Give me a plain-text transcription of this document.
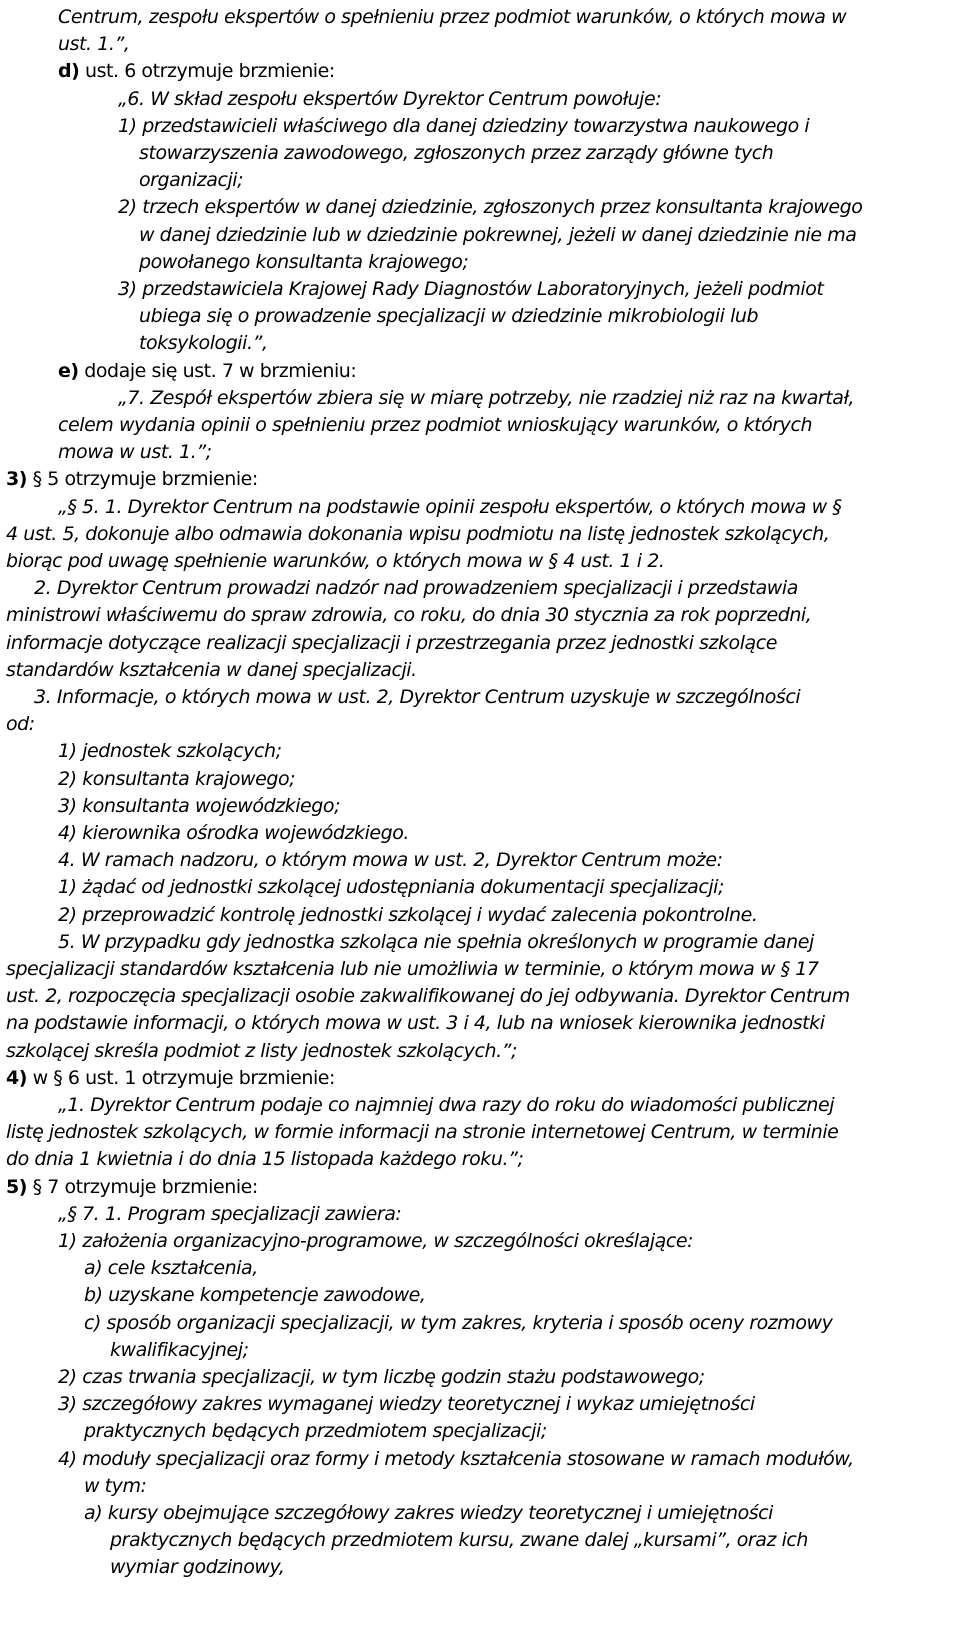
Centrum, zespołu ekspertów o spełnieniu przez podmiot warunków, o których mowa w
ust. 1.”,
d) ust. 6 otrzymuje brzmienie:
„6. W skład zespołu ekspertów Dyrektor Centrum powołuje:
1) przedstawicieli właściwego dla danej dziedziny towarzystwa naukowego i
stowarzyszenia zawodowego, zgłoszonych przez zarządy główne tych
organizacji;
2) trzech ekspertów w danej dziedzinie, zgłoszonych przez konsultanta krajowego
w danej dziedzinie lub w dziedzinie pokrewnej, jeżeli w danej dziedzinie nie ma
powołanego konsultanta krajowego;
3) przedstawiciela Krajowej Rady Diagnostów Laboratoryjnych, jeżeli podmiot
ubiega się o prowadzenie specjalizacji w dziedzinie mikrobiologii lub
toksykologii.”,
e) dodaje się ust. 7 w brzmieniu:
„7. Zespół ekspertów zbiera się w miarę potrzeby, nie rzadziej niż raz na kwartał,
celem wydania opinii o spełnieniu przez podmiot wnioskujący warunków, o których
mowa w ust. 1.”;
3) § 5 otrzymuje brzmienie:
„§ 5. 1. Dyrektor Centrum na podstawie opinii zespołu ekspertów, o których mowa w §
4 ust. 5, dokonuje albo odmawia dokonania wpisu podmiotu na listę jednostek szkolących,
biorąc pod uwagę spełnienie warunków, o których mowa w § 4 ust. 1 i 2.
2. Dyrektor Centrum prowadzi nadzór nad prowadzeniem specjalizacji i przedstawia
ministrowi właściwemu do spraw zdrowia, co roku, do dnia 30 stycznia za rok poprzedni,
informacje dotyczące realizacji specjalizacji i przestrzegania przez jednostki szkolące
standardów kształcenia w danej specjalizacji.
3. Informacje, o których mowa w ust. 2, Dyrektor Centrum uzyskuje w szczególności
od:
1) jednostek szkolących;
2) konsultanta krajowego;
3) konsultanta wojewódzkiego;
4) kierownika ośrodka wojewódzkiego.
4. W ramach nadzoru, o którym mowa w ust. 2, Dyrektor Centrum może:
1) żądać od jednostki szkolącej udostępniania dokumentacji specjalizacji;
2) przeprowadzić kontrolę jednostki szkolącej i wydać zalecenia pokontrolne.
5. W przypadku gdy jednostka szkoląca nie spełnia określonych w programie danej
specjalizacji standardów kształcenia lub nie umożliwia w terminie, o którym mowa w § 17
ust. 2, rozpoczęcia specjalizacji osobie zakwalifikowanej do jej odbywania. Dyrektor Centrum
na podstawie informacji, o których mowa w ust. 3 i 4, lub na wniosek kierownika jednostki
szkolącej skreśla podmiot z listy jednostek szkolących.”;
4) w § 6 ust. 1 otrzymuje brzmienie:
„1. Dyrektor Centrum podaje co najmniej dwa razy do roku do wiadomości publicznej
listę jednostek szkolących, w formie informacji na stronie internetowej Centrum, w terminie
do dnia 1 kwietnia i do dnia 15 listopada każdego roku.”;
5) § 7 otrzymuje brzmienie:
„§ 7. 1. Program specjalizacji zawiera:
1) założenia organizacyjno-programowe, w szczególności określające:
a) cele kształcenia,
b) uzyskane kompetencje zawodowe,
c) sposób organizacji specjalizacji, w tym zakres, kryteria i sposób oceny rozmowy
kwalifikacyjnej;
2) czas trwania specjalizacji, w tym liczbę godzin stażu podstawowego;
3) szczegółowy zakres wymaganej wiedzy teoretycznej i wykaz umiejętności
praktycznych będących przedmiotem specjalizacji;
4) moduły specjalizacji oraz formy i metody kształcenia stosowane w ramach modułów,
w tym:
a) kursy obejmujące szczegółowy zakres wiedzy teoretycznej i umiejętności
praktycznych będących przedmiotem kursu, zwane dalej „kursami”, oraz ich
wymiar godzinowy,
